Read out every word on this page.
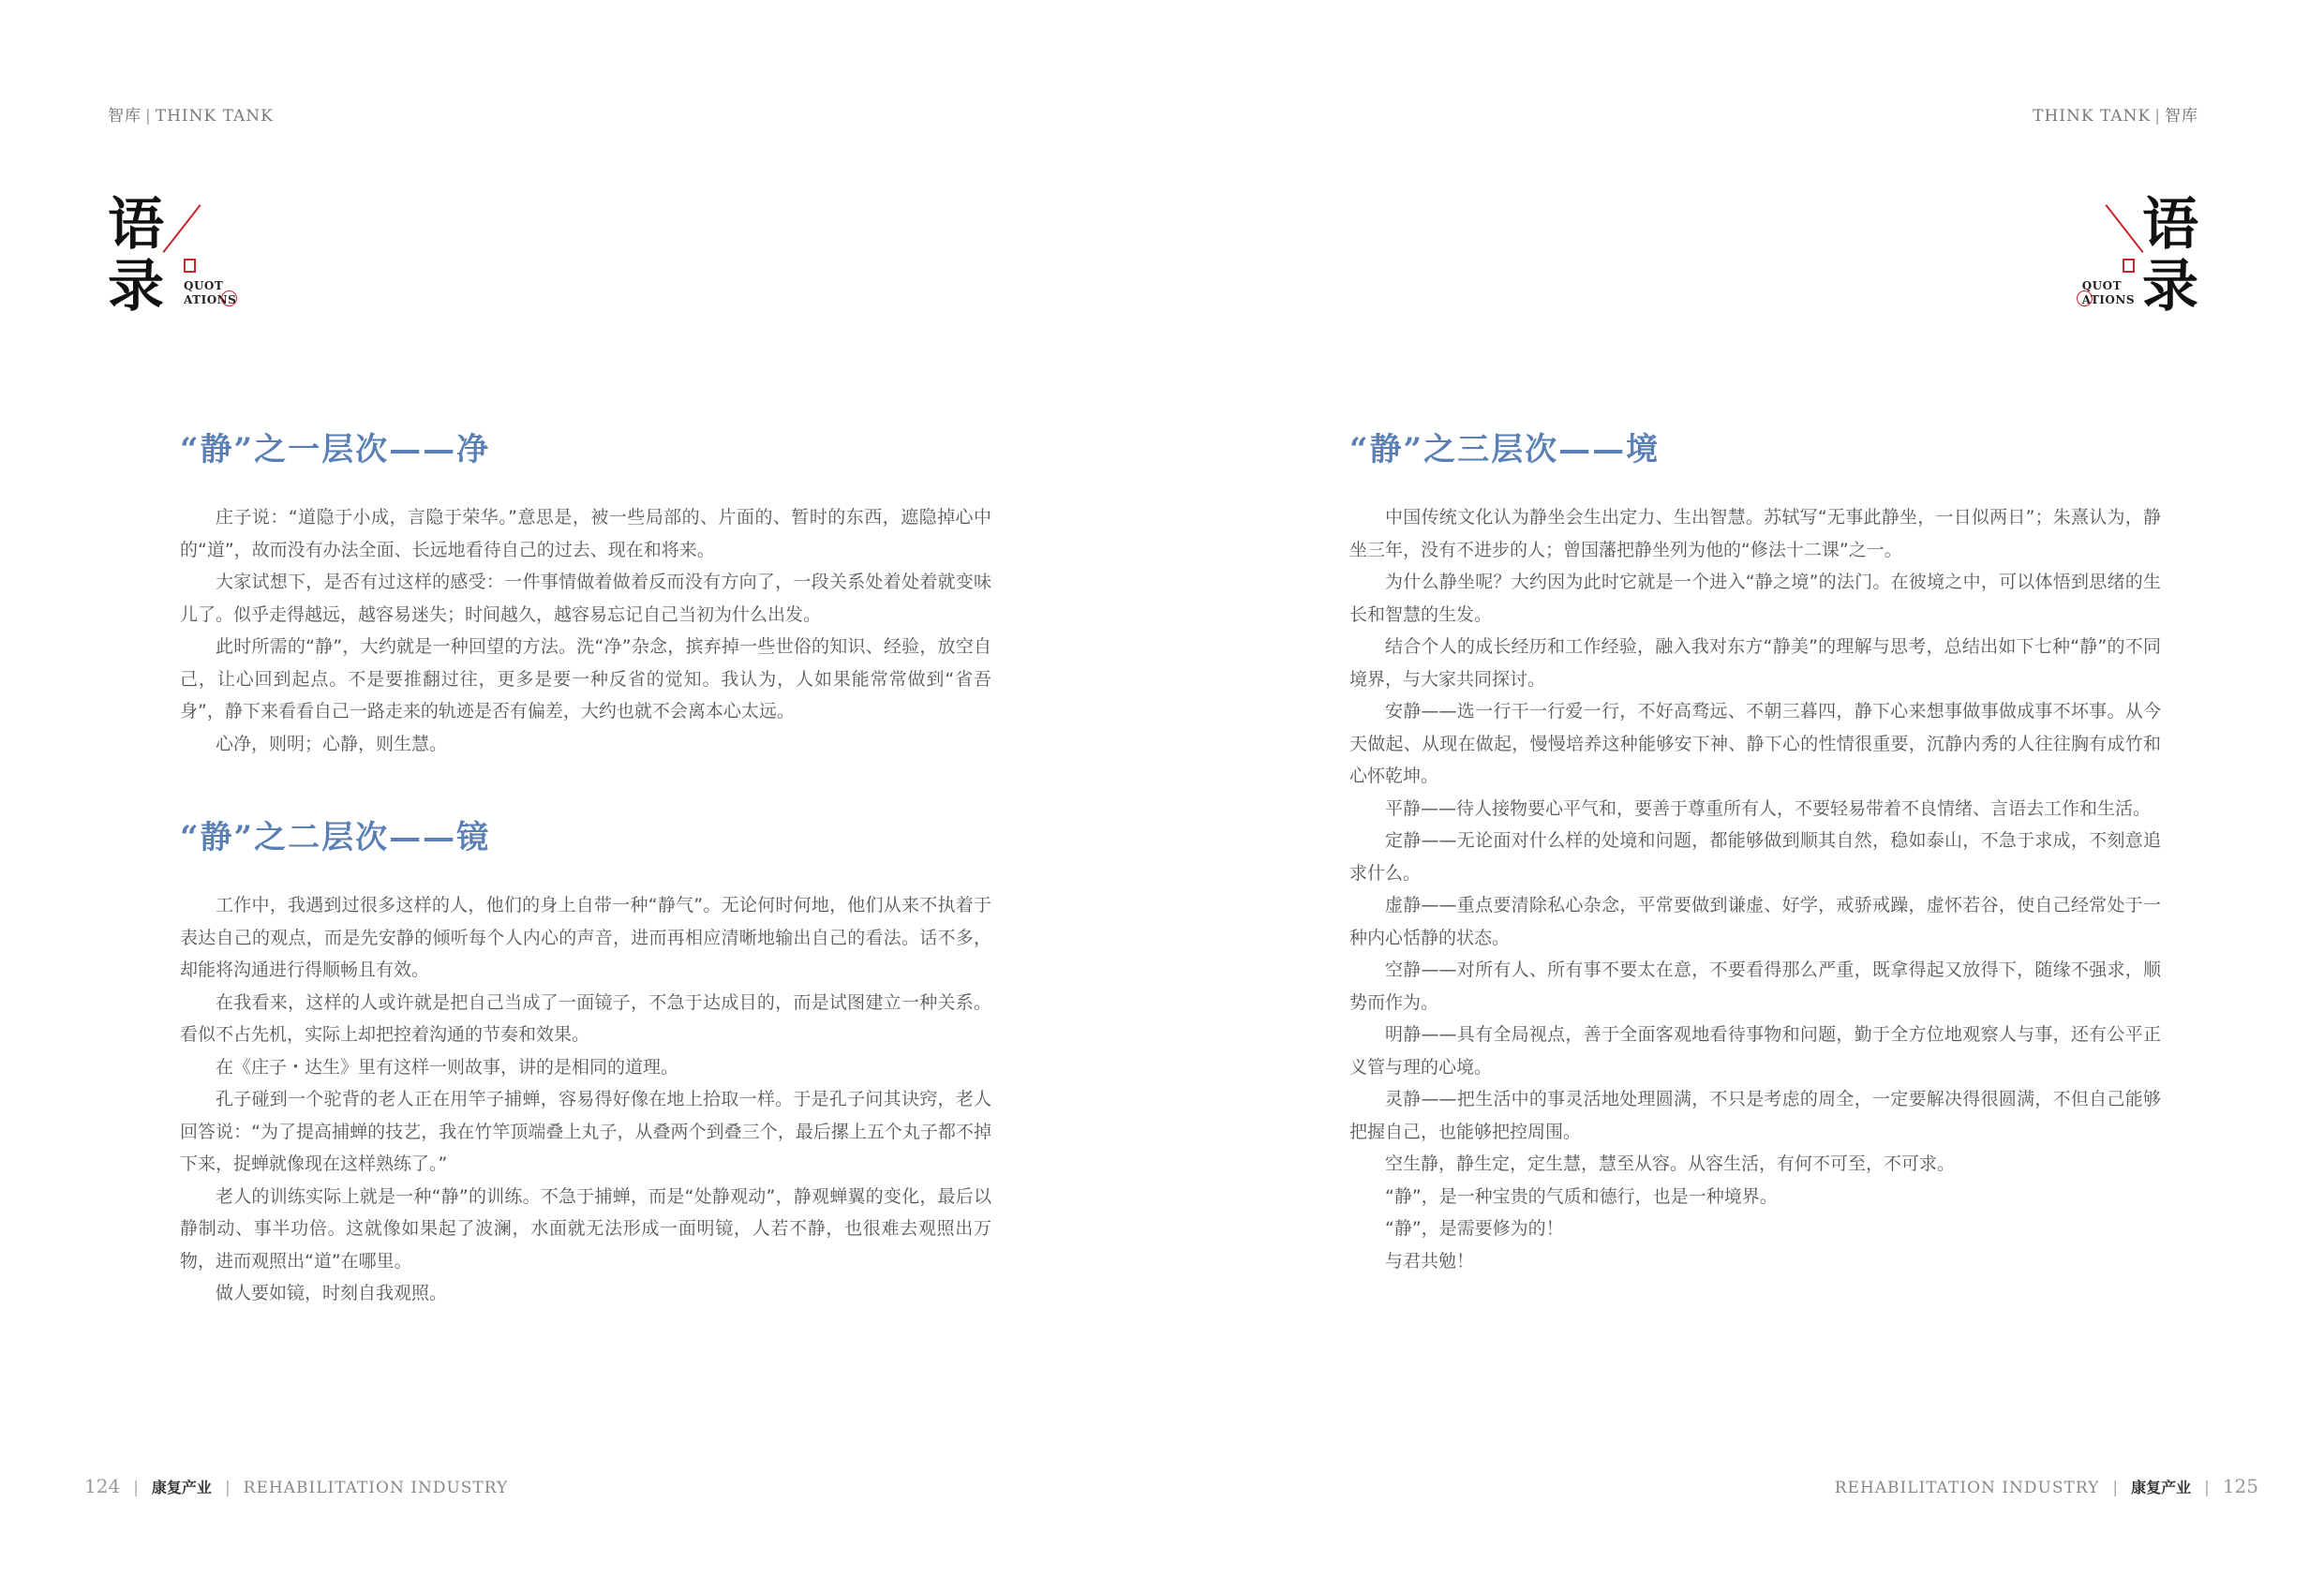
智库 | THINK TANK
语
录 QUOT
ATIONS
“静”之一层次——净

庄子说：“道隐于小成，言隐于荣华。”意思是，被一些局部的、片面的、暂时的东西，遮隐掉心中的“道”，故而没有办法全面、长远地看待自己的过去、现在和将来。

大家试想下，是否有过这样的感受：一件事情做着做着反而没有方向了，一段关系处着处着就变味儿了。似乎走得越远，越容易迷失；时间越久，越容易忘记自己当初为什么出发。

此时所需的“静”，大约就是一种回望的方法。洗“净”杂念，摈弃掉一些世俗的知识、经验，放空自己，让心回到起点。不是要推翻过往，更多是要一种反省的觉知。我认为，人如果能常常做到“省吾身”，静下来看看自己一路走来的轨迹是否有偏差，大约也就不会离本心太远。

心净，则明；心静，则生慧。

“静”之二层次——镜

工作中，我遇到过很多这样的人，他们的身上自带一种“静气”。无论何时何地，他们从来不执着于表达自己的观点，而是先安静的倾听每个人内心的声音，进而再相应清晰地输出自己的看法。话不多，却能将沟通进行得顺畅且有效。

在我看来，这样的人或许就是把自己当成了一面镜子，不急于达成目的，而是试图建立一种关系。看似不占先机，实际上却把控着沟通的节奏和效果。

在《庄子・达生》里有这样一则故事，讲的是相同的道理。

孔子碰到一个驼背的老人正在用竿子捕蝉，容易得好像在地上拾取一样。于是孔子问其诀窍，老人回答说：“为了提高捕蝉的技艺，我在竹竿顶端叠上丸子，从叠两个到叠三个，最后摞上五个丸子都不掉下来，捉蝉就像现在这样熟练了。”

老人的训练实际上就是一种“静”的训练。不急于捕蝉，而是“处静观动”，静观蝉翼的变化，最后以静制动、事半功倍。这就像如果起了波澜，水面就无法形成一面明镜，人若不静，也很难去观照出万物，进而观照出“道”在哪里。

做人要如镜，时刻自我观照。

124 | 康复产业 | REHABILITATION INDUSTRY
THINK TANK | 智库
语
录
QUOT
ATIONS
“静”之三层次——境

中国传统文化认为静坐会生出定力、生出智慧。苏轼写“无事此静坐，一日似两日”；朱熹认为，静坐三年，没有不进步的人；曾国藩把静坐列为他的“修法十二课”之一。

为什么静坐呢？大约因为此时它就是一个进入“静之境”的法门。在彼境之中，可以体悟到思绪的生长和智慧的生发。

结合个人的成长经历和工作经验，融入我对东方“静美”的理解与思考，总结出如下七种“静”的不同境界，与大家共同探讨。

安静——选一行干一行爱一行，不好高骛远、不朝三暮四，静下心来想事做事做成事不坏事。从今天做起、从现在做起，慢慢培养这种能够安下神、静下心的性情很重要，沉静内秀的人往往胸有成竹和心怀乾坤。

平静——待人接物要心平气和，要善于尊重所有人，不要轻易带着不良情绪、言语去工作和生活。

定静——无论面对什么样的处境和问题，都能够做到顺其自然，稳如泰山，不急于求成，不刻意追求什么。

虚静——重点要清除私心杂念，平常要做到谦虚、好学，戒骄戒躁，虚怀若谷，使自己经常处于一种内心恬静的状态。

空静——对所有人、所有事不要太在意，不要看得那么严重，既拿得起又放得下，随缘不强求，顺势而作为。

明静——具有全局视点，善于全面客观地看待事物和问题，勤于全方位地观察人与事，还有公平正义管与理的心境。

灵静——把生活中的事灵活地处理圆满，不只是考虑的周全，一定要解决得很圆满，不但自己能够把握自己，也能够把控周围。

空生静，静生定，定生慧，慧至从容。从容生活，有何不可至，不可求。

“静”，是一种宝贵的气质和德行，也是一种境界。

“静”，是需要修为的！

与君共勉！

REHABILITATION INDUSTRY | 康复产业 | 125
